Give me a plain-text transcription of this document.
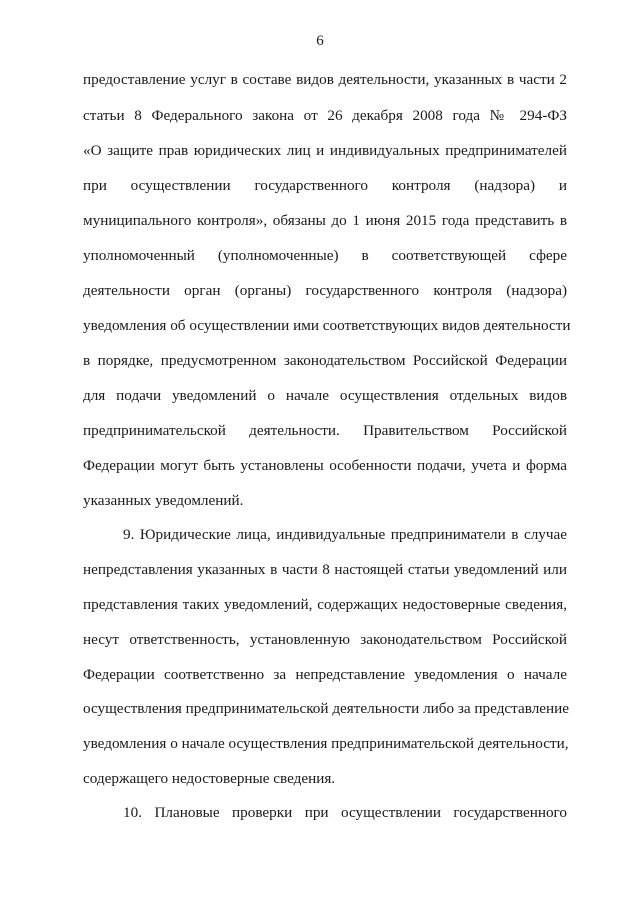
6
предоставление услуг в составе видов деятельности, указанных в части 2
статьи 8 Федерального закона от 26 декабря 2008 года № 294-ФЗ
«О защите прав юридических лиц и индивидуальных предпринимателей
при осуществлении государственного контроля (надзора) и
муниципального контроля», обязаны до 1 июня 2015 года представить в
уполномоченный (уполномоченные) в соответствующей сфере
деятельности орган (органы) государственного контроля (надзора)
уведомления об осуществлении ими соответствующих видов деятельности
в порядке, предусмотренном законодательством Российской Федерации
для подачи уведомлений о начале осуществления отдельных видов
предпринимательской деятельности. Правительством Российской
Федерации могут быть установлены особенности подачи, учета и форма
указанных уведомлений.
9. Юридические лица, индивидуальные предприниматели в случае
непредставления указанных в части 8 настоящей статьи уведомлений или
представления таких уведомлений, содержащих недостоверные сведения,
несут ответственность, установленную законодательством Российской
Федерации соответственно за непредставление уведомления о начале
осуществления предпринимательской деятельности либо за представление
уведомления о начале осуществления предпринимательской деятельности,
содержащего недостоверные сведения.
10. Плановые проверки при осуществлении государственного
